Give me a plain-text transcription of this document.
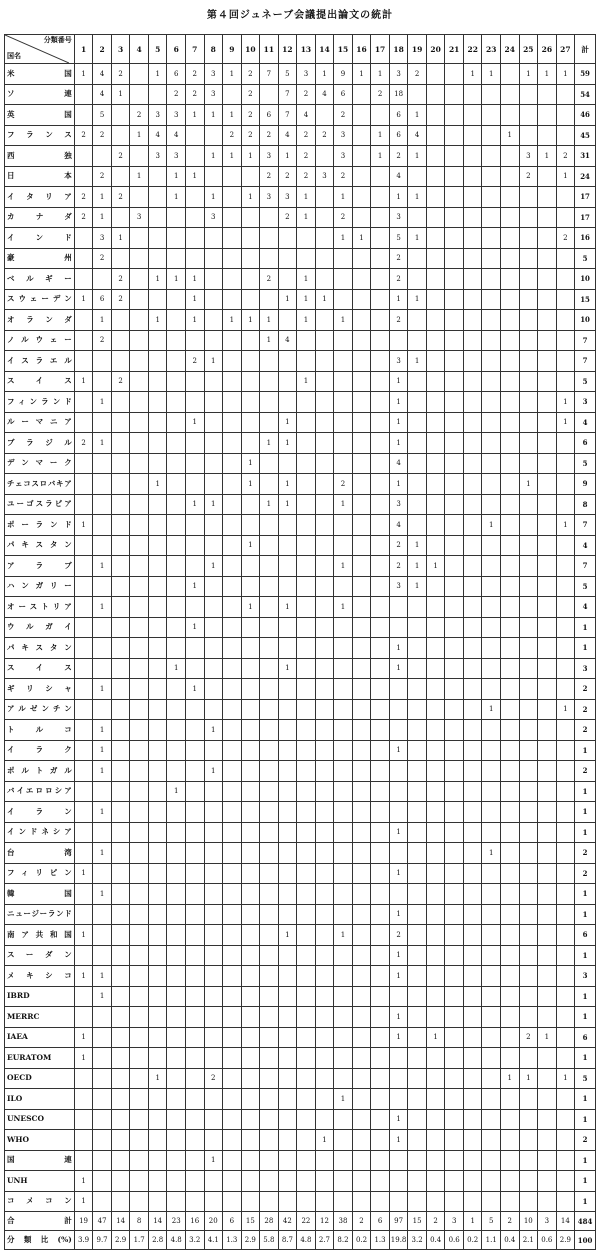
第４回ジュネーブ会議提出論文の統計
分類番号
国名	1	2	3	4	5	6	7	8	9	10	11	12	13	14	15	16	17	18	19	20	21	22	23	24	25	26	27	計
米国	1	4	2		1	6	2	3	1	2	7	5	3	1	9	1	1	3	2			1	1		1	1	1	59
ソ連		4	1			2	2	3		2		7	2	4	6		2	18										54
英国		5		2	3	3	1	1	1	2	6	7	4		2			6	1									46
フランス	2	2		1	4	4			2	2	2	4	2	2	3		1	6	4					1				45
西独			2		3	3		1	1	1	3	1	2		3		1	2	1						3	1	2	31
日本		2		1		1	1				2	2	2	3	2			4							2		1	24
イタリア	2	1	2			1		1		1	3	3	1		1			1	1									17
カナダ	2	1		3				3				2	1		2			3										17
インド		3	1												1	1		5	1								2	16
豪州		2																2										5
ベルギー			2		1	1	1				2		1					2										10
スウェーデン	1	6	2				1					1	1	1				1	1									15
オランダ		1			1		1		1	1	1		1		1			2										10
ノルウェー		2									1	4																7
イスラエル							2	1										3	1									7
スイス	1		2										1					1										5
フィンランド		1																1									1	3
ルーマニア							1					1						1									1	4
ブラジル	2	1									1	1						1										6
デンマーク										1								4										5
チェコスロバキア					1					1		1			2			1							1			9
ユーゴスラビア							1	1			1	1			1			3										8
ポーランド	1																	4					1				1	7
パキスタン										1								2	1									4
アラブ		1						1							1			2	1	1								7
ハンガリー							1											3	1									5
オーストリア		1								1		1			1													4
ウルガイ							1																					1
パキスタン																		1										1
スイス						1						1						1										3
ギリシャ		1					1																					2
アルゼンチン																							1				1	2
トルコ		1						1																				2
イラク		1																1										1
ポルトガル		1						1																				2
バイエロロシア						1																						1
イラン		1																										1
インドネシア																		1										1
台湾		1																					1					2
フィリピン	1																	1										2
韓国		1																										1
ニュージーランド																		1										1
南ア共和国	1											1			1			2										6
スーダン																		1										1
メキシコ	1	1																1										3
IBRD		1																										1
MERRC																		1										1
IAEA	1																	1		1					2	1		6
EURATOM	1																											1
OECD					1			2																1	1		1	5
ILO															1													1
UNESCO																		1										1
WHO														1				1										2
国連								1																				1
UNH	1																											1
コメコン	1																											1
合計	19	47	14	8	14	23	16	20	6	15	28	42	22	12	38	2	6	97	15	2	3	1	5	2	10	3	14	484
分類比(%)	3.9	9.7	2.9	1.7	2.8	4.8	3.2	4.1	1.3	2.9	5.8	8.7	4.8	2.7	8.2	0.2	1.3	19.8	3.2	0.4	0.6	0.2	1.1	0.4	2.1	0.6	2.9	100
